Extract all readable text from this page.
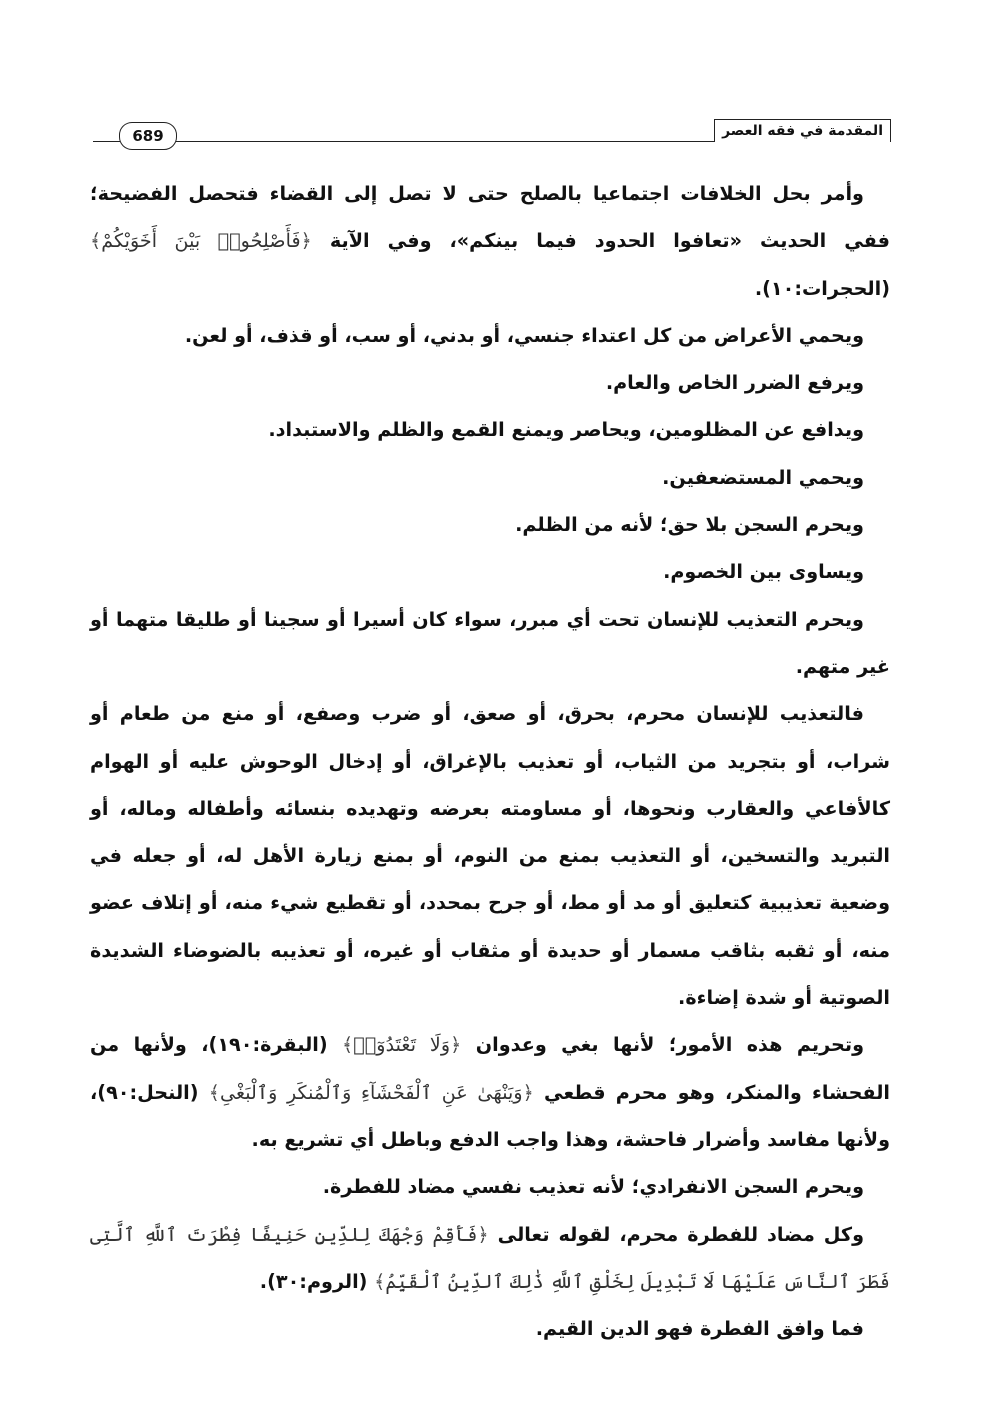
المقدمة في فقه العصر
689

وأمر بحل الخلافات اجتماعيا بالصلح حتى لا تصل إلى القضاء فتحصل الفضيحة؛ ففي الحديث «تعافوا الحدود فيما بينكم»، وفي الآية ﴿فَأَصْلِحُوا۟ بَيْنَ أَخَوَيْكُمْ﴾ (الحجرات:١٠).

ويحمي الأعراض من كل اعتداء جنسي، أو بدني، أو سب، أو قذف، أو لعن.

ويرفع الضرر الخاص والعام.

ويدافع عن المظلومين، ويحاصر ويمنع القمع والظلم والاستبداد.

ويحمي المستضعفين.

ويحرم السجن بلا حق؛ لأنه من الظلم.

ويساوى بين الخصوم.

ويحرم التعذيب للإنسان تحت أي مبرر، سواء كان أسيرا أو سجينا أو طليقا متهما أو غير متهم.

فالتعذيب للإنسان محرم، بحرق، أو صعق، أو ضرب وصفع، أو منع من طعام أو شراب، أو بتجريد من الثياب، أو تعذيب بالإغراق، أو إدخال الوحوش عليه أو الهوام كالأفاعي والعقارب ونحوها، أو مساومته بعرضه وتهديده بنسائه وأطفاله وماله، أو التبريد والتسخين، أو التعذيب بمنع من النوم، أو بمنع زيارة الأهل له، أو جعله في وضعية تعذيبية كتعليق أو مد أو مط، أو جرح بمحدد، أو تقطيع شيء منه، أو إتلاف عضو منه، أو ثقبه بثاقب مسمار أو حديدة أو مثقاب أو غيره، أو تعذيبه بالضوضاء الشديدة الصوتية أو شدة إضاءة.

وتحريم هذه الأمور؛ لأنها بغي وعدوان ﴿وَلَا تَعْتَدُوٓا۟﴾ (البقرة:١٩٠)، ولأنها من الفحشاء والمنكر، وهو محرم قطعي ﴿وَيَنْهَىٰ عَنِ ٱلْفَحْشَآءِ وَٱلْمُنكَرِ وَٱلْبَغْىِ﴾ (النحل:٩٠)، ولأنها مفاسد وأضرار فاحشة، وهذا واجب الدفع وباطل أي تشريع به.

ويحرم السجن الانفرادي؛ لأنه تعذيب نفسي مضاد للفطرة.

وكل مضاد للفطرة محرم، لقوله تعالى ﴿فَأَقِمْ وَجْهَكَ لِلدِّينِ حَنِيفًا فِطْرَتَ ٱللَّهِ ٱلَّتِى فَطَرَ ٱلنَّاسَ عَلَيْهَا لَا تَبْدِيلَ لِخَلْقِ ٱللَّهِ ذَٰلِكَ ٱلدِّينُ ٱلْقَيِّمُ﴾ (الروم:٣٠).

فما وافق الفطرة فهو الدين القيم.
